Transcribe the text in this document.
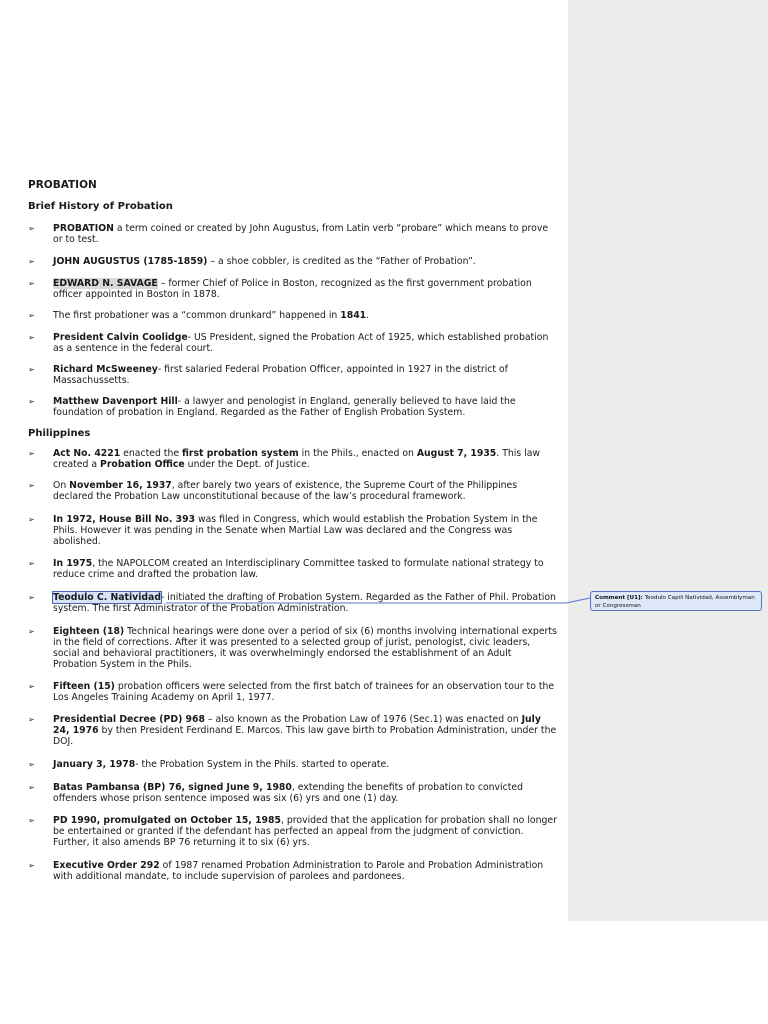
PROBATION
Brief History of Probation
➢	PROBATION a term coined or created by John Augustus, from Latin verb “probare” which means to prove or to test.
➢	JOHN AUGUSTUS (1785-1859) – a shoe cobbler, is credited as the “Father of Probation”.
➢	EDWARD N. SAVAGE – former Chief of Police in Boston, recognized as the first government probation officer appointed in Boston in 1878.
➢	The first probationer was a “common drunkard” happened in 1841.
➢	President Calvin Coolidge- US President, signed the Probation Act of 1925, which established probation as a sentence in the federal court.
➢	Richard McSweeney- first salaried Federal Probation Officer, appointed in 1927 in the district of Massachussetts.
➢	Matthew Davenport Hill- a lawyer and penologist in England, generally believed to have laid the foundation of probation in England. Regarded as the Father of English Probation System.
Philippines
➢	Act No. 4221 enacted the first probation system in the Phils., enacted on August 7, 1935. This law created a Probation Office under the Dept. of Justice.
➢	On November 16, 1937, after barely two years of existence, the Supreme Court of the Philippines declared the Probation Law unconstitutional because of the law’s procedural framework.
➢	In 1972, House Bill No. 393 was filed in Congress, which would establish the Probation System in the Phils. However it was pending in the Senate when Martial Law was declared and the Congress was abolished.
➢	In 1975, the NAPOLCOM created an Interdisciplinary Committee tasked to formulate national strategy to reduce crime and drafted the probation law.
➢	Teodulo C. Natividad- initiated the drafting of Probation System. Regarded as the Father of Phil. Probation system. The first Administrator of the Probation Administration.
➢	Eighteen (18) Technical hearings were done over a period of six (6) months involving international experts in the field of corrections. After it was presented to a selected group of jurist, penologist, civic leaders, social and behavioral practitioners, it was overwhelmingly endorsed the establishment of an Adult Probation System in the Phils.
➢	Fifteen (15) probation officers were selected from the first batch of trainees for an observation tour to the Los Angeles Training Academy on April 1, 1977.
➢	Presidential Decree (PD) 968 – also known as the Probation Law of 1976 (Sec.1) was enacted on July 24, 1976 by then President Ferdinand E. Marcos. This law gave birth to Probation Administration, under the DOJ.
➢	January 3, 1978- the Probation System in the Phils. started to operate.
➢	Batas Pambansa (BP) 76, signed June 9, 1980, extending the benefits of probation to convicted offenders whose prison sentence imposed was six (6) yrs and one (1) day.
➢	PD 1990, promulgated on October 15, 1985, provided that the application for probation shall no longer be entertained or granted if the defendant has perfected an appeal from the judgment of conviction. Further, it also amends BP 76 returning it to six (6) yrs.
➢	Executive Order 292 of 1987 renamed Probation Administration to Parole and Probation Administration with additional mandate, to include supervision of parolees and pardonees.
Comment [U1]: Teodulo Capili Natividad, Assemblyman or Congressman
